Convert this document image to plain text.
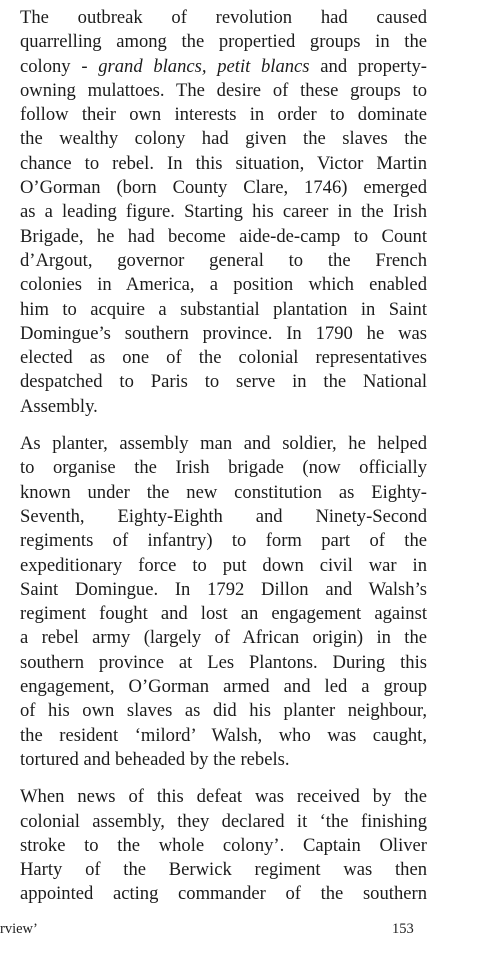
The outbreak of revolution had caused
quarrelling among the propertied groups in the
colony - grand blancs, petit blancs and property-
owning mulattoes. The desire of these groups to
follow their own interests in order to dominate
the wealthy colony had given the slaves the
chance to rebel. In this situation, Victor Martin
O’Gorman (born County Clare, 1746) emerged
as a leading figure. Starting his career in the Irish
Brigade, he had become aide-de-camp to Count
d’Argout, governor general to the French
colonies in America, a position which enabled
him to acquire a substantial plantation in Saint
Domingue’s southern province. In 1790 he was
elected as one of the colonial representatives
despatched to Paris to serve in the National
Assembly.

As planter, assembly man and soldier, he helped
to organise the Irish brigade (now officially
known under the new constitution as Eighty-
Seventh, Eighty-Eighth and Ninety-Second
regiments of infantry) to form part of the
expeditionary force to put down civil war in
Saint Domingue. In 1792 Dillon and Walsh’s
regiment fought and lost an engagement against
a rebel army (largely of African origin) in the
southern province at Les Plantons. During this
engagement, O’Gorman armed and led a group
of his own slaves as did his planter neighbour,
the resident ‘milord’ Walsh, who was caught,
tortured and beheaded by the rebels.

When news of this defeat was received by the
colonial assembly, they declared it ‘the finishing
stroke to the whole colony’. Captain Oliver
Harty of the Berwick regiment was then
appointed acting commander of the southern

rview’	153
